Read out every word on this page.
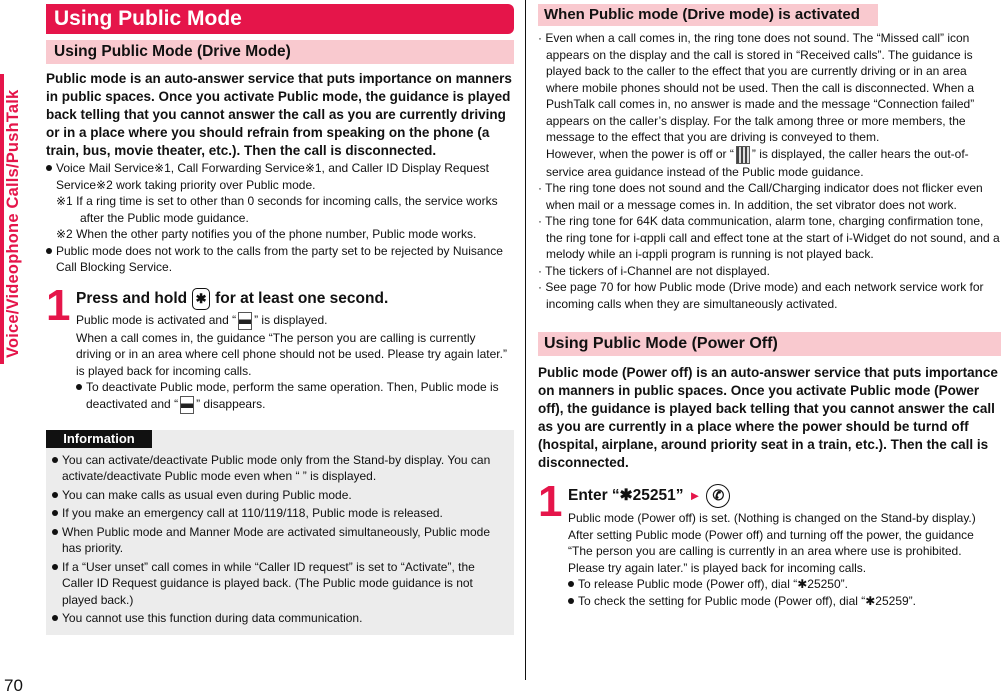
Voice/Videophone Calls/PushTalk
70
Using Public Mode
Using Public Mode (Drive Mode)
Public mode is an auto-answer service that puts importance on manners in public spaces. Once you activate Public mode, the guidance is played back telling that you cannot answer the call as you are currently driving or in a place where you should refrain from speaking on the phone (a train, bus, movie theater, etc.). Then the call is disconnected.
Voice Mail Service※1, Call Forwarding Service※1, and Caller ID Display Request Service※2 work taking priority over Public mode.
※1 If a ring time is set to other than 0 seconds for incoming calls, the service works after the Public mode guidance.
※2 When the other party notifies you of the phone number, Public mode works.
Public mode does not work to the calls from the party set to be rejected by Nuisance Call Blocking Service.
1 Press and hold ✱ for at least one second.
Public mode is activated and “ ” is displayed.
When a call comes in, the guidance “The person you are calling is currently driving or in an area where cell phone should not be used. Please try again later.” is played back for incoming calls.
To deactivate Public mode, perform the same operation. Then, Public mode is deactivated and “ ” disappears.
Information
You can activate/deactivate Public mode only from the Stand-by display. You can activate/deactivate Public mode even when “ ” is displayed.
You can make calls as usual even during Public mode.
If you make an emergency call at 110/119/118, Public mode is released.
When Public mode and Manner Mode are activated simultaneously, Public mode has priority.
If a “User unset” call comes in while “Caller ID request” is set to “Activate”, the Caller ID Request guidance is played back. (The Public mode guidance is not played back.)
You cannot use this function during data communication.
When Public mode (Drive mode) is activated
· Even when a call comes in, the ring tone does not sound. The “Missed call” icon appears on the display and the call is stored in “Received calls”. The guidance is played back to the caller to the effect that you are currently driving or in an area where mobile phones should not be used. Then the call is disconnected. When a PushTalk call comes in, no answer is made and the message “Connection failed” appears on the caller’s display. For the talk among three or more members, the message to the effect that you are driving is conveyed to them.
However, when the power is off or “ ” is displayed, the caller hears the out-of-service area guidance instead of the Public mode guidance.
· The ring tone does not sound and the Call/Charging indicator does not flicker even when mail or a message comes in. In addition, the set vibrator does not work.
· The ring tone for 64K data communication, alarm tone, charging confirmation tone, the ring tone for i-αppli call and effect tone at the start of i-Widget do not sound, and a melody while an i-αppli program is running is not played back.
· The tickers of i-Channel are not displayed.
· See page 70 for how Public mode (Drive mode) and each network service work for incoming calls when they are simultaneously activated.
Using Public Mode (Power Off)
Public mode (Power off) is an auto-answer service that puts importance on manners in public spaces. Once you activate Public mode (Power off), the guidance is played back telling that you cannot answer the call as you are currently in a place where the power should be turnd off (hospital, airplane, around priority seat in a train, etc.). Then the call is disconnected.
1 Enter “✱25251” ► ✆
Public mode (Power off) is set. (Nothing is changed on the Stand-by display.)
After setting Public mode (Power off) and turning off the power, the guidance “The person you are calling is currently in an area where use is prohibited. Please try again later.” is played back for incoming calls.
To release Public mode (Power off), dial “✱25250”.
To check the setting for Public mode (Power off), dial “✱25259”.
